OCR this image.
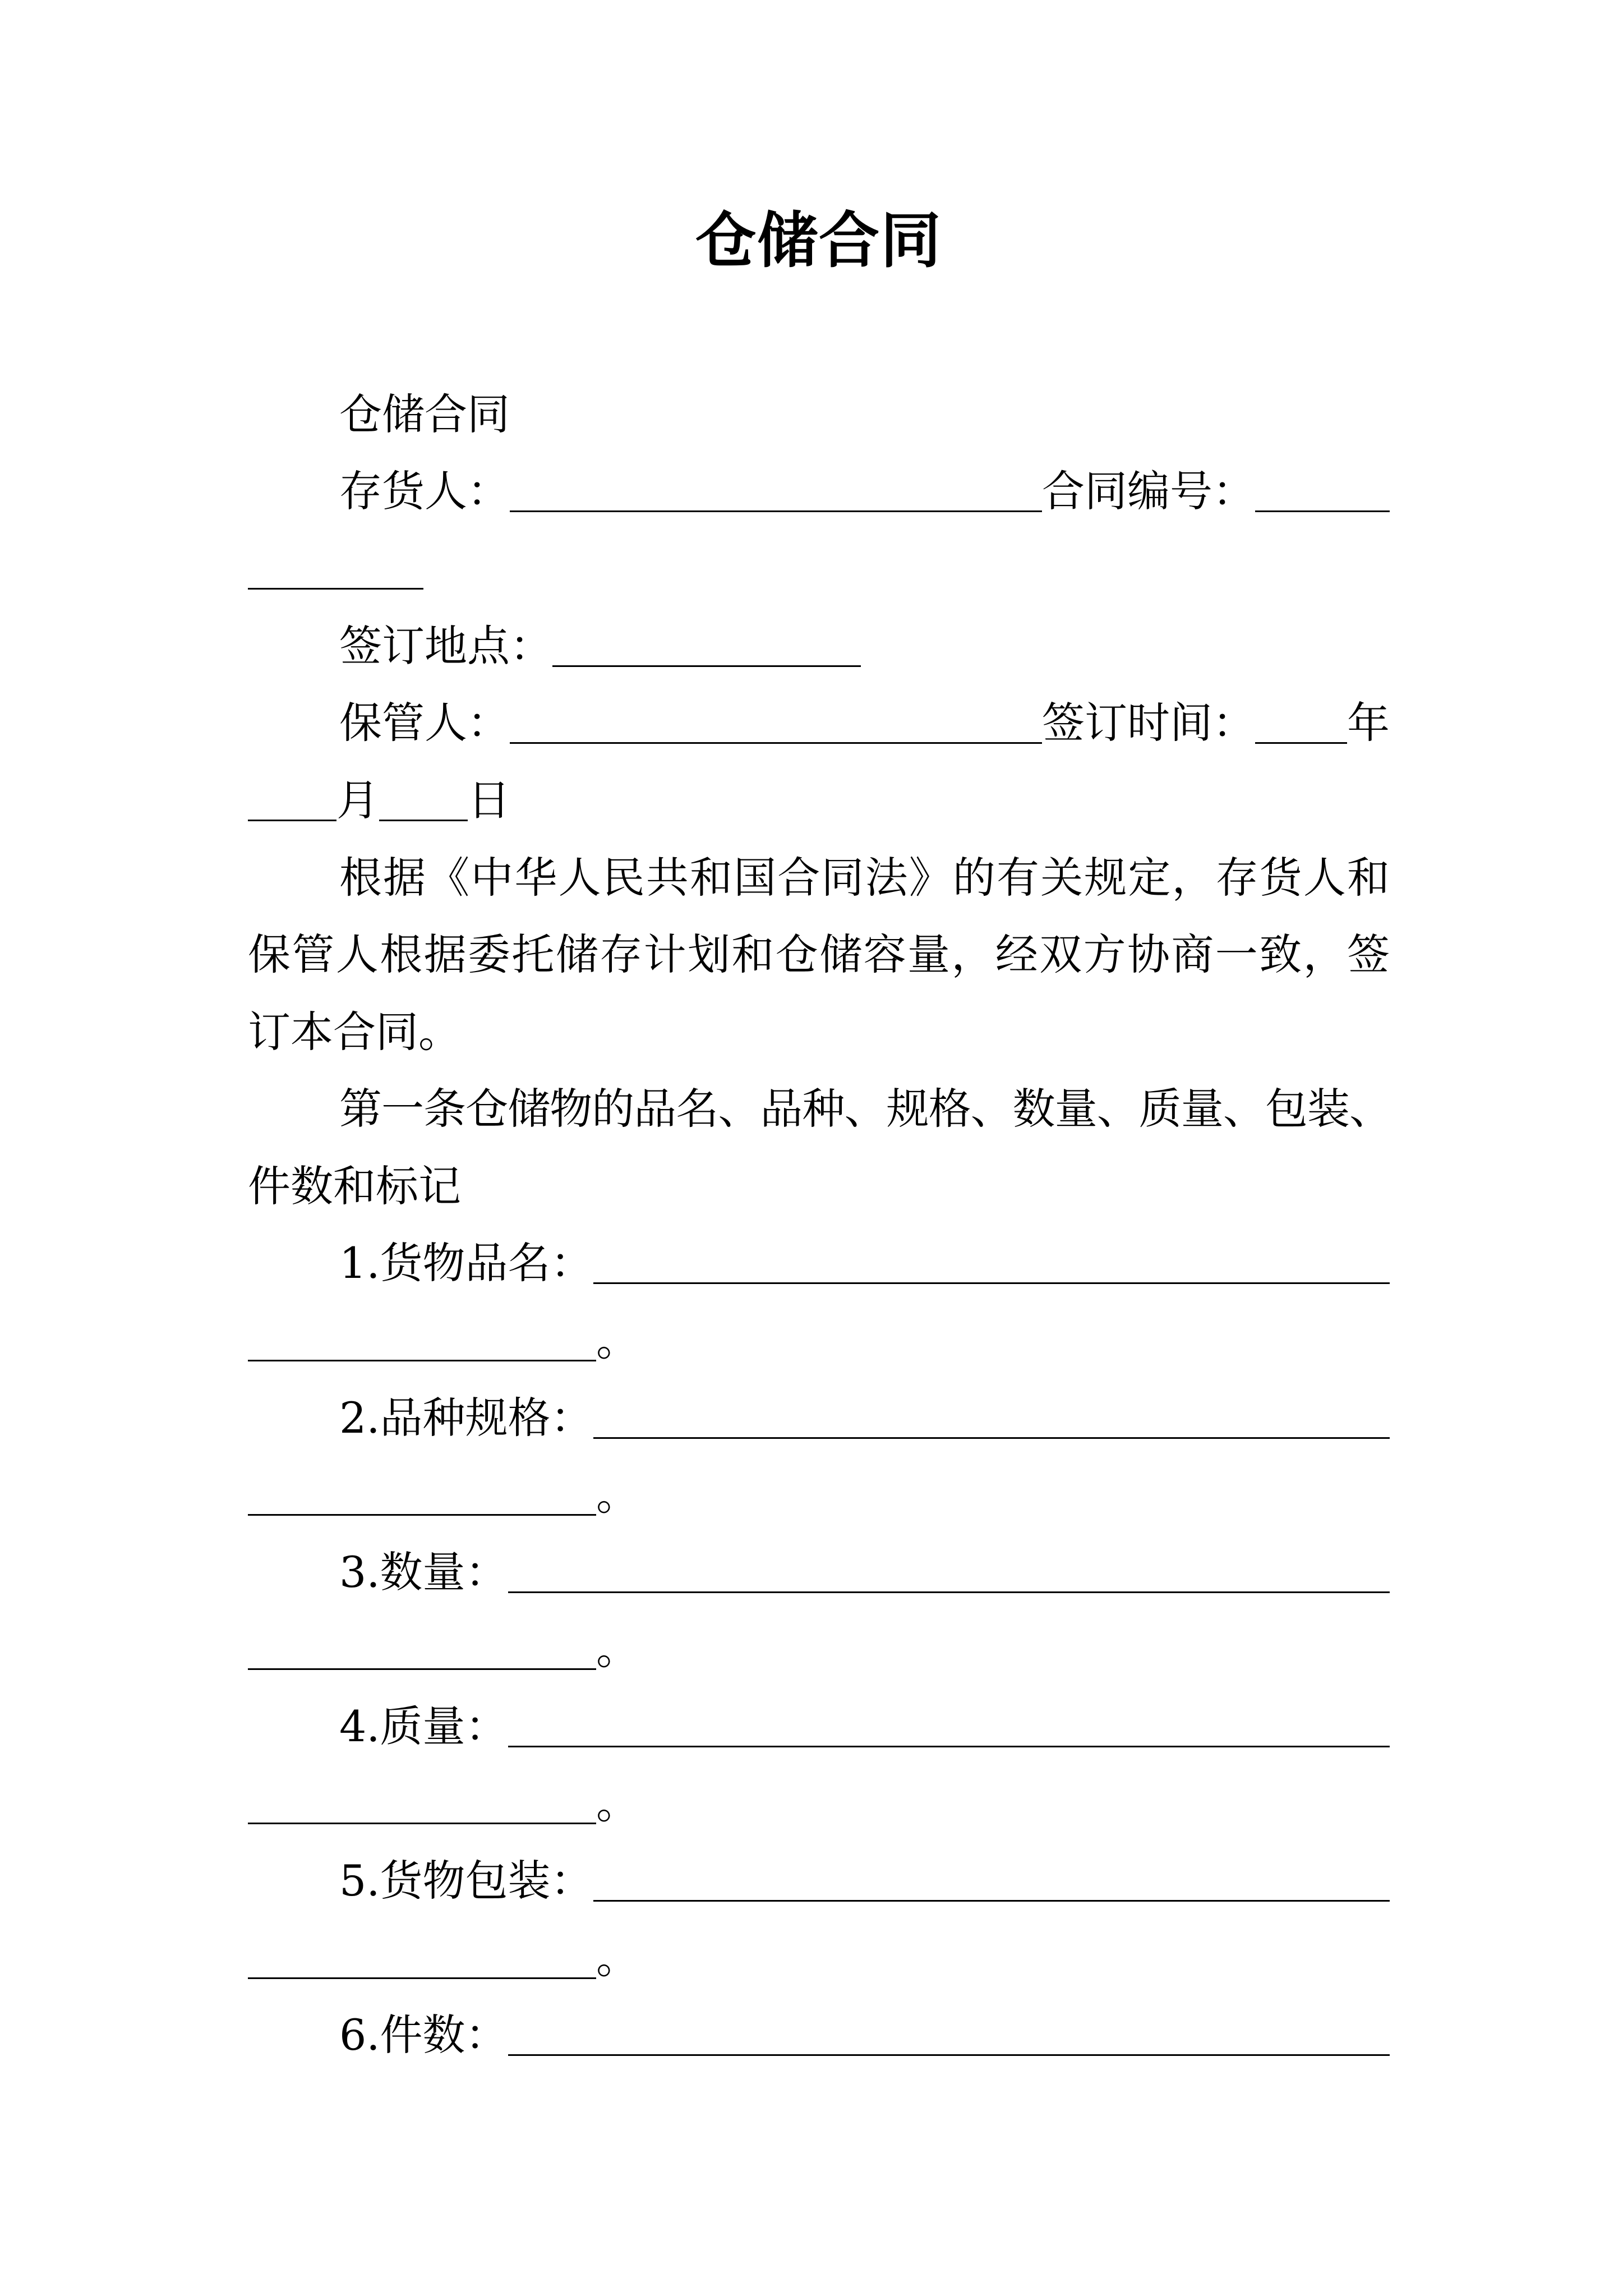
仓储合同
仓储合同
存货人：	合同编号：
签订地点：
保管人：	签订时间： 年
月 日
根据《中华人民共和国合同法》的有关规定，存货人和
保管人根据委托储存计划和仓储容量，经双方协商一致，签
订本合同。
第一条仓储物的品名、品种、规格、数量、质量、包装、
件数和标记
1.货物品名：
。
2.品种规格：
。
3.数量：
。
4.质量：
。
5.货物包装：
。
6.件数：
